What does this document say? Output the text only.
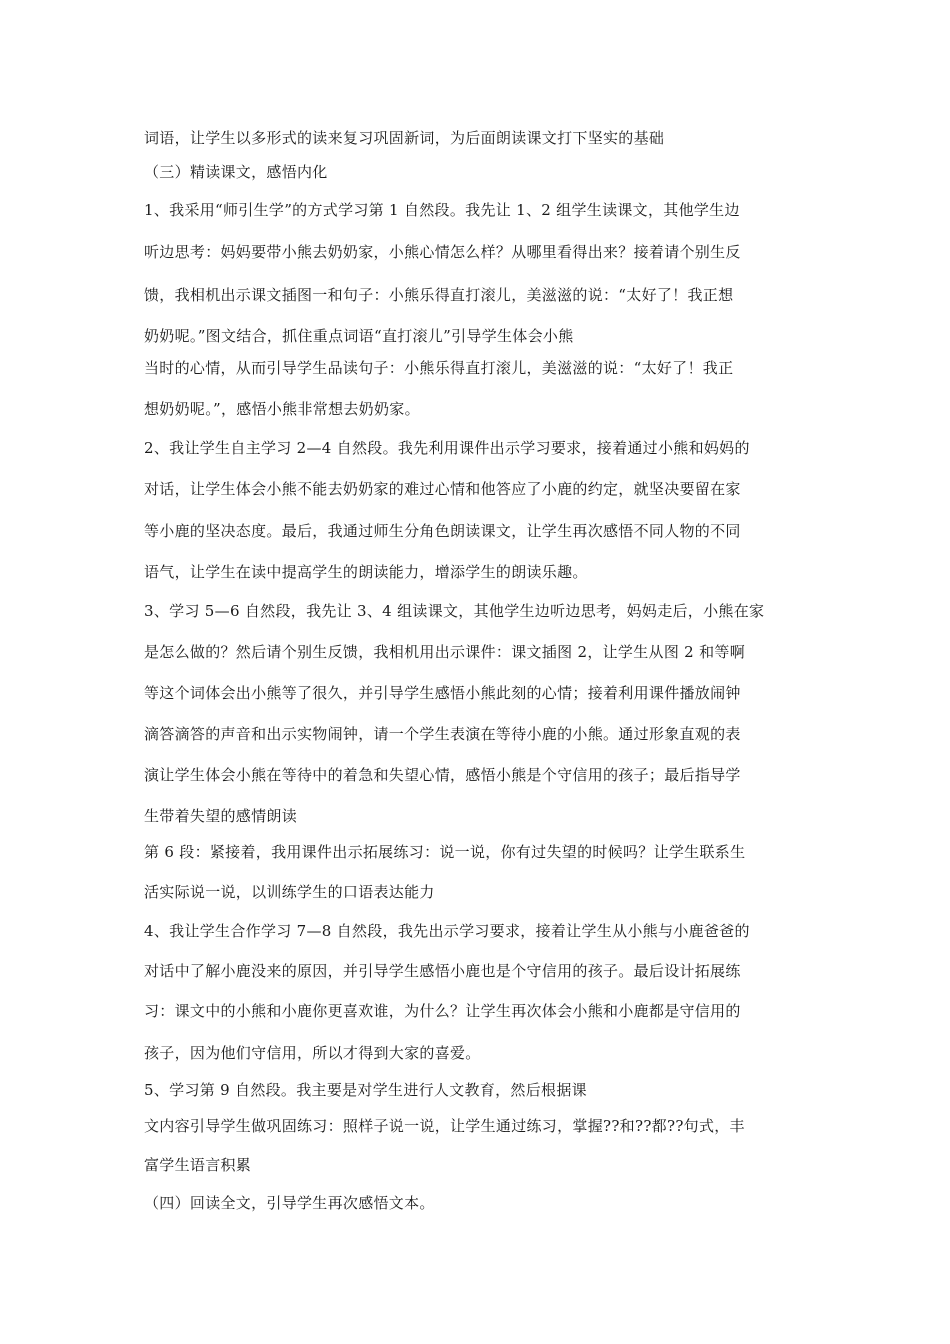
词语，让学生以多形式的读来复习巩固新词，为后面朗读课文打下坚实的基础
（三）精读课文，感悟内化
1、我采用“师引生学”的方式学习第 1 自然段。我先让 1、2 组学生读课文，其他学生边
听边思考：妈妈要带小熊去奶奶家，小熊心情怎么样？从哪里看得出来？接着请个别生反
馈，我相机出示课文插图一和句子：小熊乐得直打滚儿，美滋滋的说：“太好了！我正想
奶奶呢。”图文结合，抓住重点词语“直打滚儿”引导学生体会小熊
当时的心情，从而引导学生品读句子：小熊乐得直打滚儿，美滋滋的说：“太好了！我正
想奶奶呢。”，感悟小熊非常想去奶奶家。
2、我让学生自主学习 2—4 自然段。我先利用课件出示学习要求，接着通过小熊和妈妈的
对话，让学生体会小熊不能去奶奶家的难过心情和他答应了小鹿的约定，就坚决要留在家
等小鹿的坚决态度。最后，我通过师生分角色朗读课文，让学生再次感悟不同人物的不同
语气，让学生在读中提高学生的朗读能力，增添学生的朗读乐趣。
3、学习 5—6 自然段，我先让 3、4 组读课文，其他学生边听边思考，妈妈走后，小熊在家
是怎么做的？然后请个别生反馈，我相机用出示课件：课文插图 2，让学生从图 2 和等啊
等这个词体会出小熊等了很久，并引导学生感悟小熊此刻的心情；接着利用课件播放闹钟
滴答滴答的声音和出示实物闹钟，请一个学生表演在等待小鹿的小熊。通过形象直观的表
演让学生体会小熊在等待中的着急和失望心情，感悟小熊是个守信用的孩子；最后指导学
生带着失望的感情朗读
第 6 段：紧接着，我用课件出示拓展练习：说一说，你有过失望的时候吗？让学生联系生
活实际说一说，以训练学生的口语表达能力
4、我让学生合作学习 7—8 自然段，我先出示学习要求，接着让学生从小熊与小鹿爸爸的
对话中了解小鹿没来的原因，并引导学生感悟小鹿也是个守信用的孩子。最后设计拓展练
习：课文中的小熊和小鹿你更喜欢谁，为什么？让学生再次体会小熊和小鹿都是守信用的
孩子，因为他们守信用，所以才得到大家的喜爱。
5、学习第 9 自然段。我主要是对学生进行人文教育，然后根据课
文内容引导学生做巩固练习：照样子说一说，让学生通过练习，掌握??和??都??句式，丰
富学生语言积累
（四）回读全文，引导学生再次感悟文本。
